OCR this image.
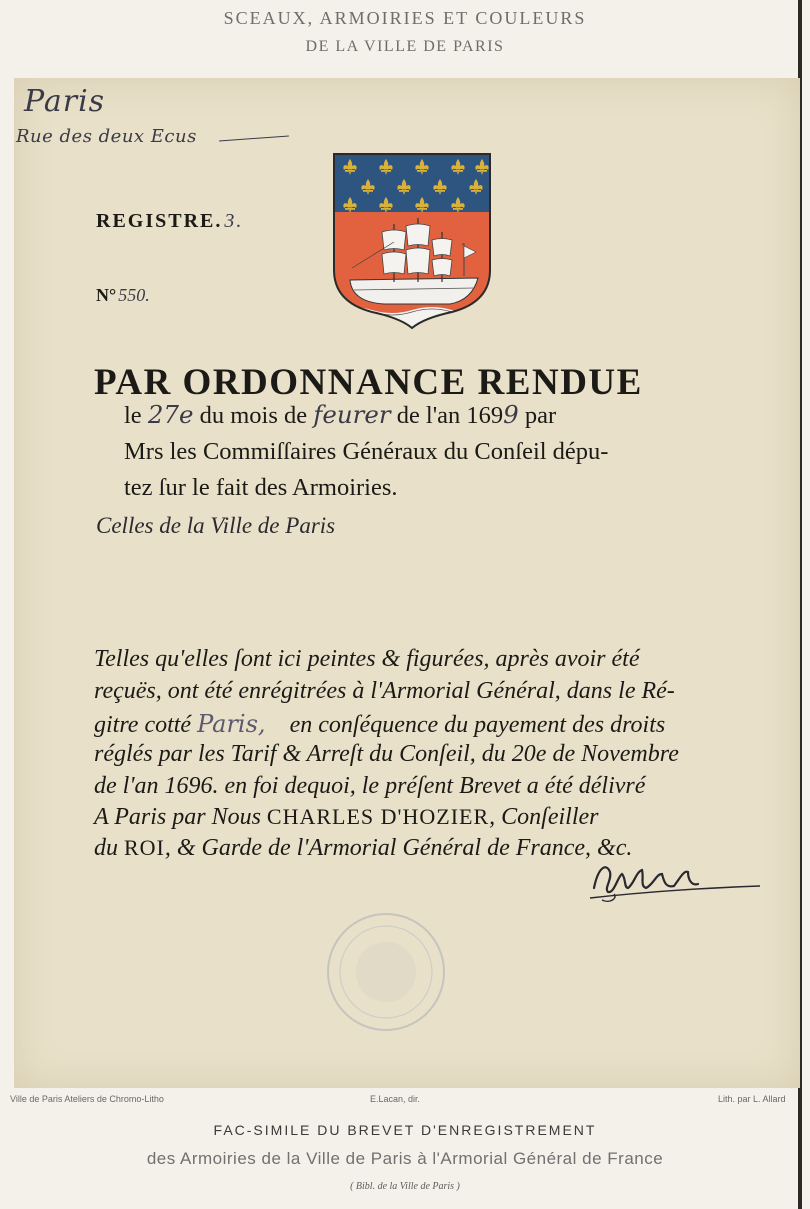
SCEAUX, ARMOIRIES ET COULEURS
DE LA VILLE DE PARIS
Paris
Rue des deux Ecus
REGISTRE. 3.
N° 550.
PAR ORDONNANCE RENDUE
le 27e du mois de feurer de l'an 1699 par
Mrs les Commiſſaires Généraux du Conſeil dépu-
tez ſur le fait des Armoiries.
Celles de la Ville de Paris
Telles qu'elles ſont ici peintes & figurées, après avoir été
reçuës, ont été enrégitrées à l'Armorial Général, dans le Ré-
gitre cotté Paris, en conſéquence du payement des droits
réglés par les Tarif & Arreſt du Conſeil, du 20e de Novembre
de l'an 1696. en foi dequoi, le préſent Brevet a été délivré
A Paris par Nous CHARLES D'HOZIER, Conſeiller
du ROI, & Garde de l'Armorial Général de France, &c.
Ville de Paris Ateliers de Chromo-Litho	E.Lacan, dir.	Lith. par L. Allard
FAC-SIMILE DU BREVET D'ENREGISTREMENT
des Armoiries de la Ville de Paris à l'Armorial Général de France
( Bibl. de la Ville de Paris )
